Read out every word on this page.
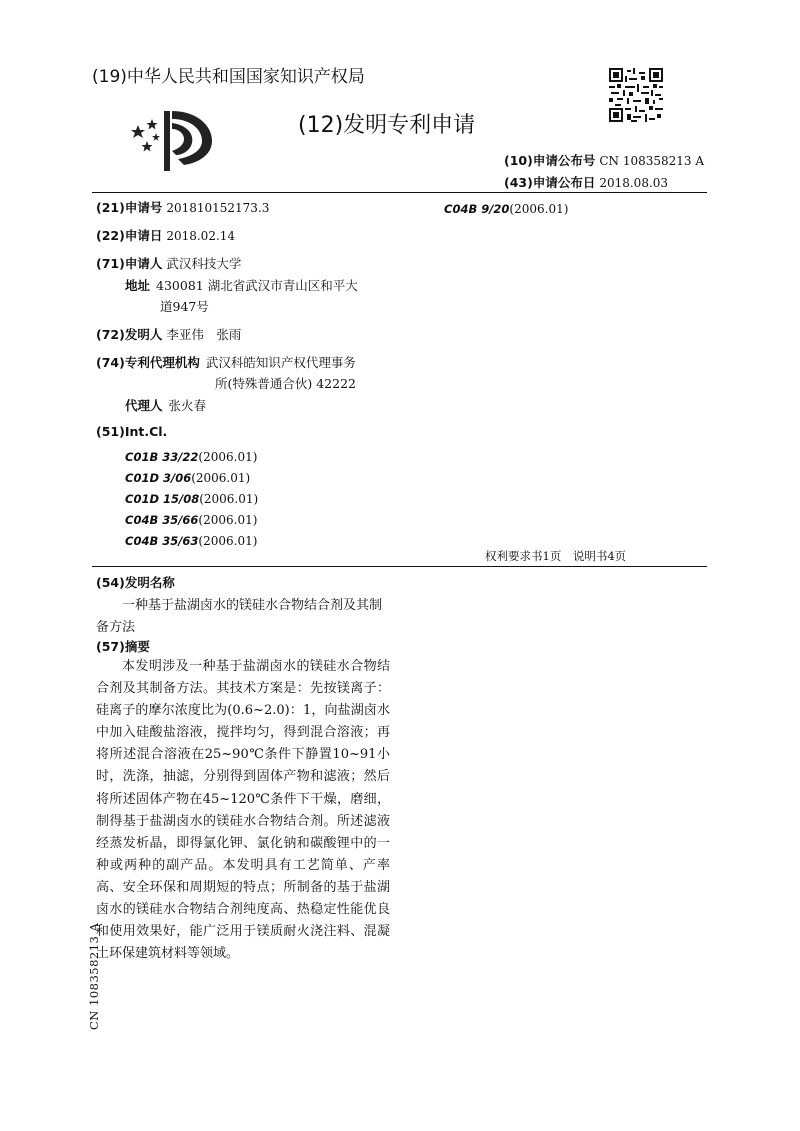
(19)中华人民共和国国家知识产权局
(12)发明专利申请
(10)申请公布号 CN 108358213 A
(43)申请公布日 2018.08.03
(21)申请号 201810152173.3	C04B 9/20(2006.01)
(22)申请日 2018.02.14
(71)申请人 武汉科技大学
地址 430081 湖北省武汉市青山区和平大
道947号
(72)发明人 李亚伟　张雨
(74)专利代理机构 武汉科皓知识产权代理事务
所(特殊普通合伙) 42222
代理人 张火春
(51)Int.Cl.
C01B 33/22(2006.01)
C01D 3/06(2006.01)
C01D 15/08(2006.01)
C04B 35/66(2006.01)
C04B 35/63(2006.01)
权利要求书1页　说明书4页
(54)发明名称

一种基于盐湖卤水的镁硅水合物结合剂及其制备方法

(57)摘要

本发明涉及一种基于盐湖卤水的镁硅水合物结合剂及其制备方法。其技术方案是：先按镁离子：硅离子的摩尔浓度比为(0.6~2.0)：1，向盐湖卤水中加入硅酸盐溶液，搅拌均匀，得到混合溶液；再将所述混合溶液在25~90℃条件下静置10~91小时，洗涤，抽滤，分别得到固体产物和滤液；然后将所述固体产物在45~120℃条件下干燥，磨细，制得基于盐湖卤水的镁硅水合物结合剂。所述滤液经蒸发析晶，即得氯化钾、氯化钠和碳酸锂中的一种或两种的副产品。本发明具有工艺简单、产率高、安全环保和周期短的特点；所制备的基于盐湖卤水的镁硅水合物结合剂纯度高、热稳定性能优良和使用效果好，能广泛用于镁质耐火浇注料、混凝土环保建筑材料等领域。

CN 108358213 A
